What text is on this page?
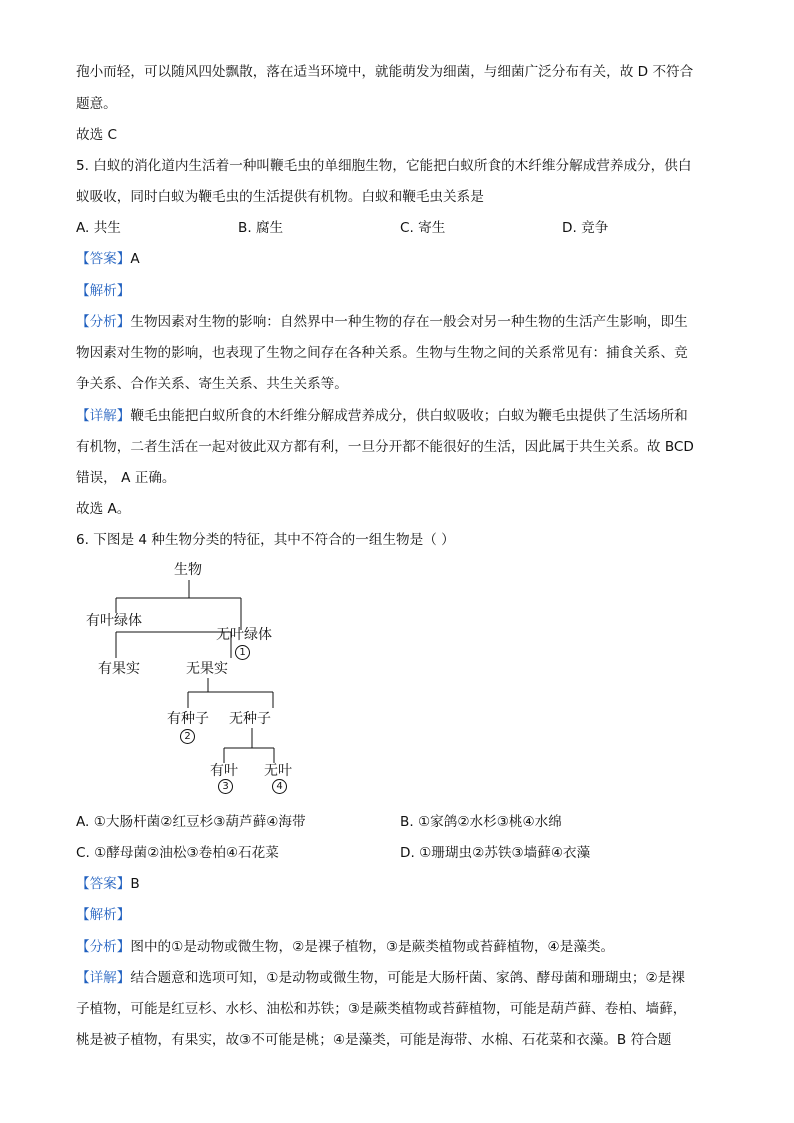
孢小而轻，可以随风四处飘散，落在适当环境中，就能萌发为细菌，与细菌广泛分布有关，故 D 不符合
题意。
故选 C
5. 白蚁的消化道内生活着一种叫鞭毛虫的单细胞生物，它能把白蚁所食的木纤维分解成营养成分，供白
蚁吸收，同时白蚁为鞭毛虫的生活提供有机物。白蚁和鞭毛虫关系是
A. 共生	B. 腐生	C. 寄生	D. 竞争
【答案】A
【解析】
【分析】生物因素对生物的影响：自然界中一种生物的存在一般会对另一种生物的生活产生影响，即生
物因素对生物的影响，也表现了生物之间存在各种关系。生物与生物之间的关系常见有：捕食关系、竞
争关系、合作关系、寄生关系、共生关系等。
【详解】鞭毛虫能把白蚁所食的木纤维分解成营养成分，供白蚁吸收；白蚁为鞭毛虫提供了生活场所和
有机物，二者生活在一起对彼此双方都有利，一旦分开都不能很好的生活，因此属于共生关系。故 BCD
错误， A 正确。
故选 A。
6. 下图是 4 种生物分类的特征，其中不符合的一组生物是（ ）
生物
有叶绿体
无叶绿体
1
有果实	无果实
有种子
2
无种子
有叶
3
无叶
4
A. ①大肠杆菌②红豆杉③葫芦藓④海带	B. ①家鸽②水杉③桃④水绵
C. ①酵母菌②油松③卷柏④石花菜	D. ①珊瑚虫②苏铁③墙藓④衣藻
【答案】B
【解析】
【分析】图中的①是动物或微生物，②是裸子植物，③是蕨类植物或苔藓植物，④是藻类。
【详解】结合题意和选项可知，①是动物或微生物，可能是大肠杆菌、家鸽、酵母菌和珊瑚虫；②是裸
子植物，可能是红豆杉、水杉、油松和苏铁；③是蕨类植物或苔藓植物，可能是葫芦藓、卷柏、墙藓，
桃是被子植物，有果实，故③不可能是桃；④是藻类，可能是海带、水棉、石花菜和衣藻。B 符合题
